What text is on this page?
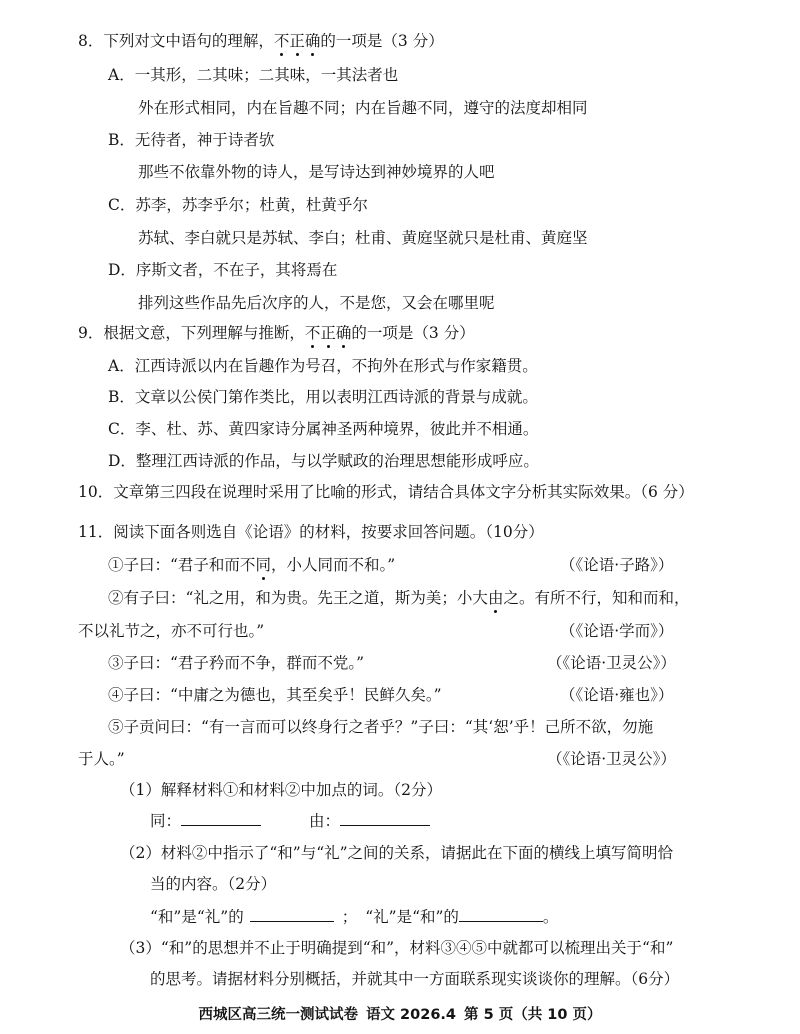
8．下列对文中语句的理解，不正确的一项是（3 分）
A．一其形，二其味；二其味，一其法者也
外在形式相同，内在旨趣不同；内在旨趣不同，遵守的法度却相同
B．无待者，神于诗者欤
那些不依靠外物的诗人，是写诗达到神妙境界的人吧
C．苏李，苏李乎尔；杜黄，杜黄乎尔
苏轼、李白就只是苏轼、李白；杜甫、黄庭坚就只是杜甫、黄庭坚
D．序斯文者，不在子，其将焉在
排列这些作品先后次序的人，不是您，又会在哪里呢
9．根据文意，下列理解与推断，不正确的一项是（3 分）
A．江西诗派以内在旨趣作为号召，不拘外在形式与作家籍贯。
B．文章以公侯门第作类比，用以表明江西诗派的背景与成就。
C．李、杜、苏、黄四家诗分属神圣两种境界，彼此并不相通。
D．整理江西诗派的作品，与以学赋政的治理思想能形成呼应。
10．文章第三四段在说理时采用了比喻的形式，请结合具体文字分析其实际效果。（6 分）
11．阅读下面各则选自《论语》的材料，按要求回答问题。（10分）
①子曰：“君子和而不同，小人同而不和。”	（《论语·子路》）
②有子曰：“礼之用，和为贵。先王之道，斯为美；小大由之。有所不行，知和而和，
不以礼节之，亦不可行也。”	（《论语·学而》）
③子曰：“君子矜而不争，群而不党。”	（《论语·卫灵公》）
④子曰：“中庸之为德也，其至矣乎！民鲜久矣。”	（《论语·雍也》）
⑤子贡问曰：“有一言而可以终身行之者乎？”子曰：“其‘恕’乎！己所不欲，勿施
于人。”	（《论语·卫灵公》）
（1）解释材料①和材料②中加点的词。（2分）
同：	由：
（2）材料②中指示了“和”与“礼”之间的关系，请据此在下面的横线上填写简明恰
当的内容。（2分）
“和”是“礼”的	； “礼”是“和”的	。
（3）“和”的思想并不止于明确提到“和”，材料③④⑤中就都可以梳理出关于“和”
的思考。请据材料分别概括，并就其中一方面联系现实谈谈你的理解。（6分）
西城区高三统一测试试卷 语文 2026.4 第 5 页（共 10 页）
